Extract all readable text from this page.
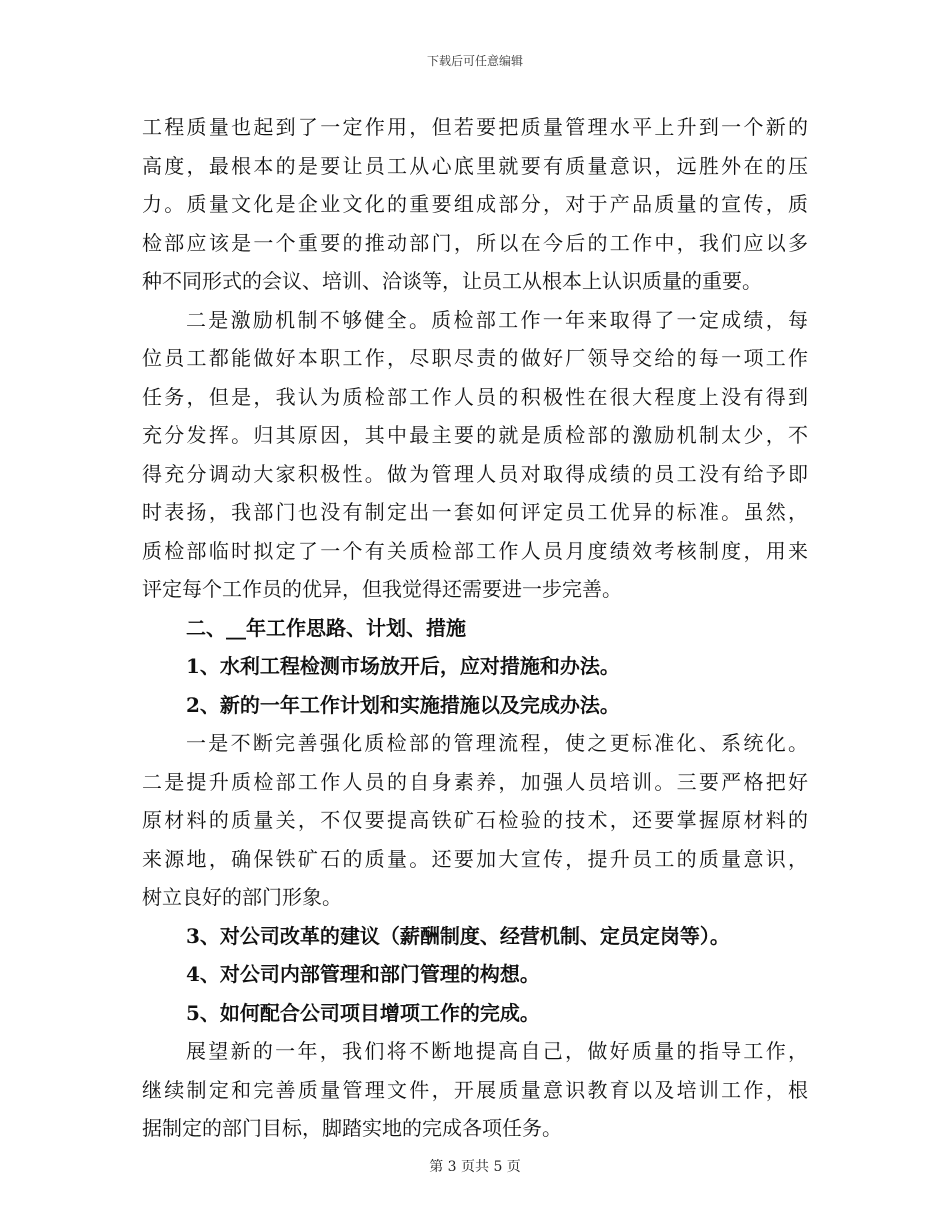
下载后可任意编辑
工程质量也起到了一定作用，但若要把质量管理水平上升到一个新的
高度，最根本的是要让员工从心底里就要有质量意识，远胜外在的压
力。质量文化是企业文化的重要组成部分，对于产品质量的宣传，质
检部应该是一个重要的推动部门，所以在今后的工作中，我们应以多
种不同形式的会议、培训、洽谈等，让员工从根本上认识质量的重要。
二是激励机制不够健全。质检部工作一年来取得了一定成绩，每
位员工都能做好本职工作，尽职尽责的做好厂领导交给的每一项工作
任务，但是，我认为质检部工作人员的积极性在很大程度上没有得到
充分发挥。归其原因，其中最主要的就是质检部的激励机制太少，不
得充分调动大家积极性。做为管理人员对取得成绩的员工没有给予即
时表扬，我部门也没有制定出一套如何评定员工优异的标准。虽然，
质检部临时拟定了一个有关质检部工作人员月度绩效考核制度，用来
评定每个工作员的优异，但我觉得还需要进一步完善。
二、__年工作思路、计划、措施
1、水利工程检测市场放开后，应对措施和办法。
2、新的一年工作计划和实施措施以及完成办法。
一是不断完善强化质检部的管理流程，使之更标准化、系统化。
二是提升质检部工作人员的自身素养，加强人员培训。三要严格把好
原材料的质量关，不仅要提高铁矿石检验的技术，还要掌握原材料的
来源地，确保铁矿石的质量。还要加大宣传，提升员工的质量意识，
树立良好的部门形象。
3、对公司改革的建议（薪酬制度、经营机制、定员定岗等）。
4、对公司内部管理和部门管理的构想。
5、如何配合公司项目增项工作的完成。
展望新的一年，我们将不断地提高自己，做好质量的指导工作，
继续制定和完善质量管理文件，开展质量意识教育以及培训工作，根
据制定的部门目标，脚踏实地的完成各项任务。
第 3 页共 5 页
